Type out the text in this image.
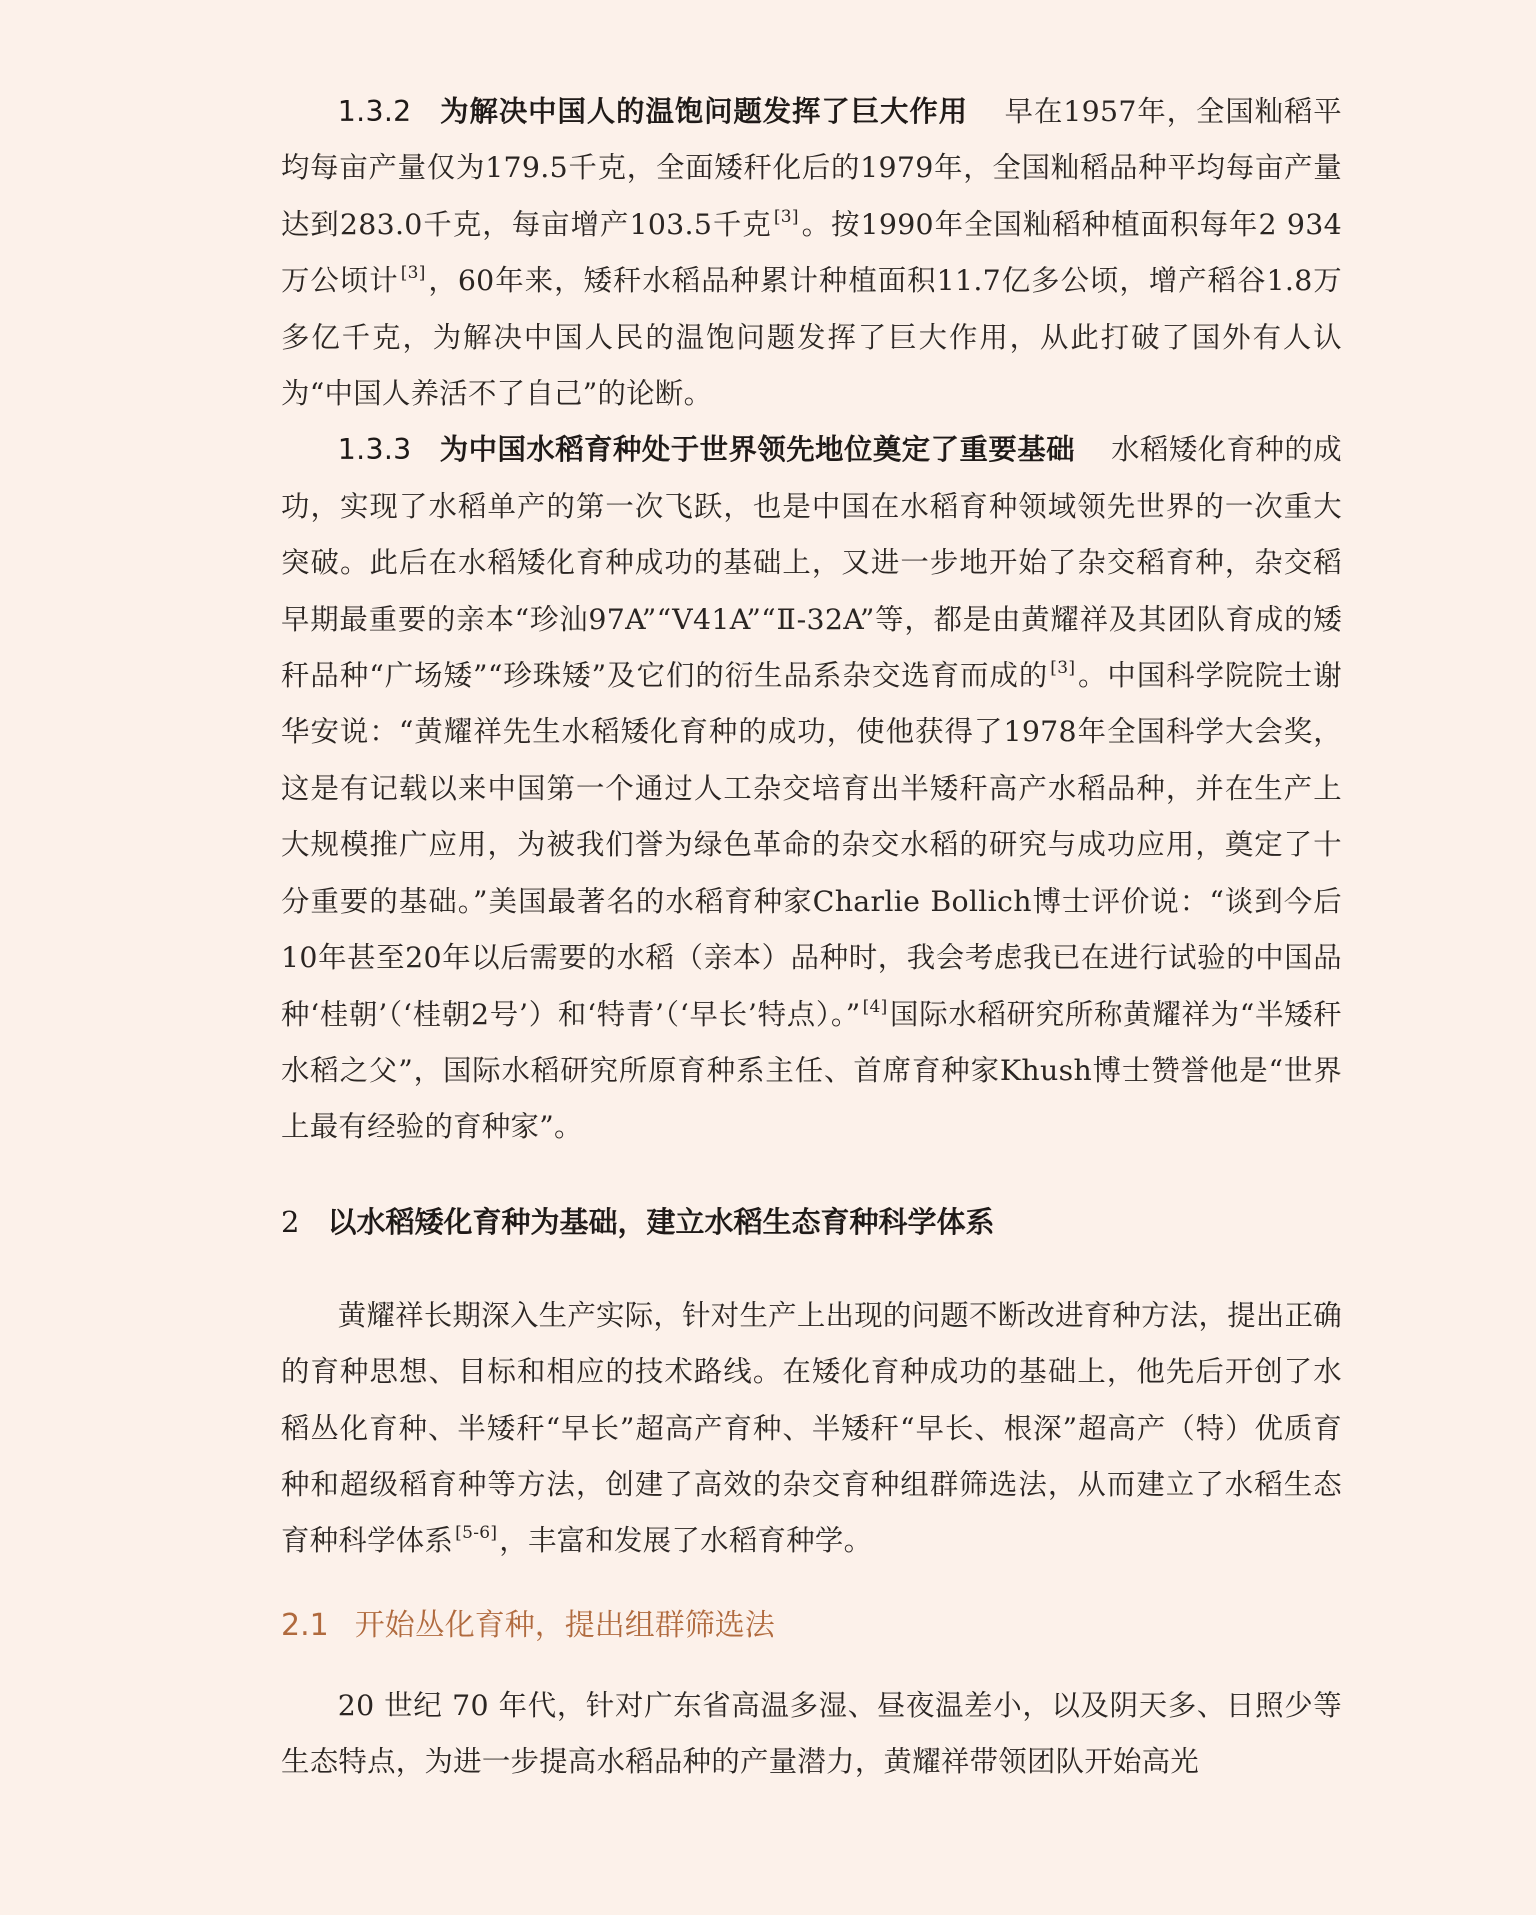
1.3.2 为解决中国人的温饱问题发挥了巨大作用 早在1957年，全国籼稻平均每亩产量仅为179.5千克，全面矮秆化后的1979年，全国籼稻品种平均每亩产量达到283.0千克，每亩增产103.5千克 [3]。按1990年全国籼稻种植面积每年2 934万公顷计 [3]，60年来，矮秆水稻品种累计种植面积11.7亿多公顷，增产稻谷1.8万多亿千克，为解决中国人民的温饱问题发挥了巨大作用，从此打破了国外有人认为“中国人养活不了自己”的论断。

1.3.3 为中国水稻育种处于世界领先地位奠定了重要基础 水稻矮化育种的成功，实现了水稻单产的第一次飞跃，也是中国在水稻育种领域领先世界的一次重大突破。此后在水稻矮化育种成功的基础上，又进一步地开始了杂交稻育种，杂交稻早期最重要的亲本“珍汕97A”“V41A”“Ⅱ-32A”等，都是由黄耀祥及其团队育成的矮秆品种“广场矮”“珍珠矮”及它们的衍生品系杂交选育而成的 [3]。中国科学院院士谢华安说：“黄耀祥先生水稻矮化育种的成功，使他获得了1978年全国科学大会奖，这是有记载以来中国第一个通过人工杂交培育出半矮秆高产水稻品种，并在生产上大规模推广应用，为被我们誉为绿色革命的杂交水稻的研究与成功应用，奠定了十分重要的基础。”美国最著名的水稻育种家Charlie Bollich博士评价说：“谈到今后10年甚至20年以后需要的水稻（亲本）品种时，我会考虑我已在进行试验的中国品种‘桂朝’（‘桂朝2号’）和‘特青’（‘早长’特点）。” [4]国际水稻研究所称黄耀祥为“半矮秆水稻之父”，国际水稻研究所原育种系主任、首席育种家Khush博士赞誉他是“世界上最有经验的育种家”。

2 以水稻矮化育种为基础，建立水稻生态育种科学体系

黄耀祥长期深入生产实际，针对生产上出现的问题不断改进育种方法，提出正确的育种思想、目标和相应的技术路线。在矮化育种成功的基础上，他先后开创了水稻丛化育种、半矮秆“早长”超高产育种、半矮秆“早长、根深”超高产（特）优质育种和超级稻育种等方法，创建了高效的杂交育种组群筛选法，从而建立了水稻生态育种科学体系 [5-6]，丰富和发展了水稻育种学。

2.1 开始丛化育种，提出组群筛选法

20 世纪 70 年代，针对广东省高温多湿、昼夜温差小，以及阴天多、日照少等生态特点，为进一步提高水稻品种的产量潜力，黄耀祥带领团队开始高光
